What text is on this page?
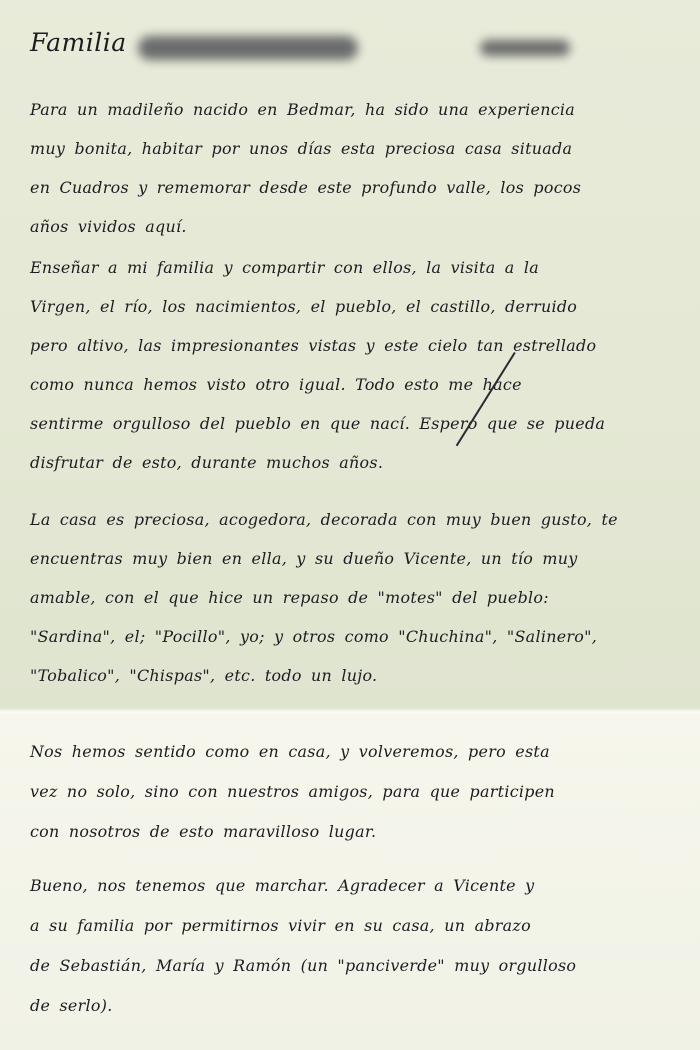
Familia

Para un madileño nacido en Bedmar, ha sido una experiencia
muy bonita, habitar por unos días esta preciosa casa situada
en Cuadros y rememorar desde este profundo valle, los pocos
años vividos aquí.

Enseñar a mi familia y compartir con ellos, la visita a la
Virgen, el río, los nacimientos, el pueblo, el castillo, derruido
pero altivo, las impresionantes vistas y este cielo tan estrellado
como nunca hemos visto otro igual. Todo esto me hace
sentirme orgulloso del pueblo en que nací. Espero que se pueda
disfrutar de esto, durante muchos años.

La casa es preciosa, acogedora, decorada con muy buen gusto, te
encuentras muy bien en ella, y su dueño Vicente, un tío muy
amable, con el que hice un repaso de "motes" del pueblo:
"Sardina", el; "Pocillo", yo; y otros como "Chuchina", "Salinero",
"Tobalico", "Chispas", etc. todo un lujo.

Nos hemos sentido como en casa, y volveremos, pero esta
vez no solo, sino con nuestros amigos, para que participen
con nosotros de esto maravilloso lugar.

Bueno, nos tenemos que marchar. Agradecer a Vicente y
a su familia por permitirnos vivir en su casa, un abrazo
de Sebastián, María y Ramón (un "panciverde" muy orgulloso
de serlo).
